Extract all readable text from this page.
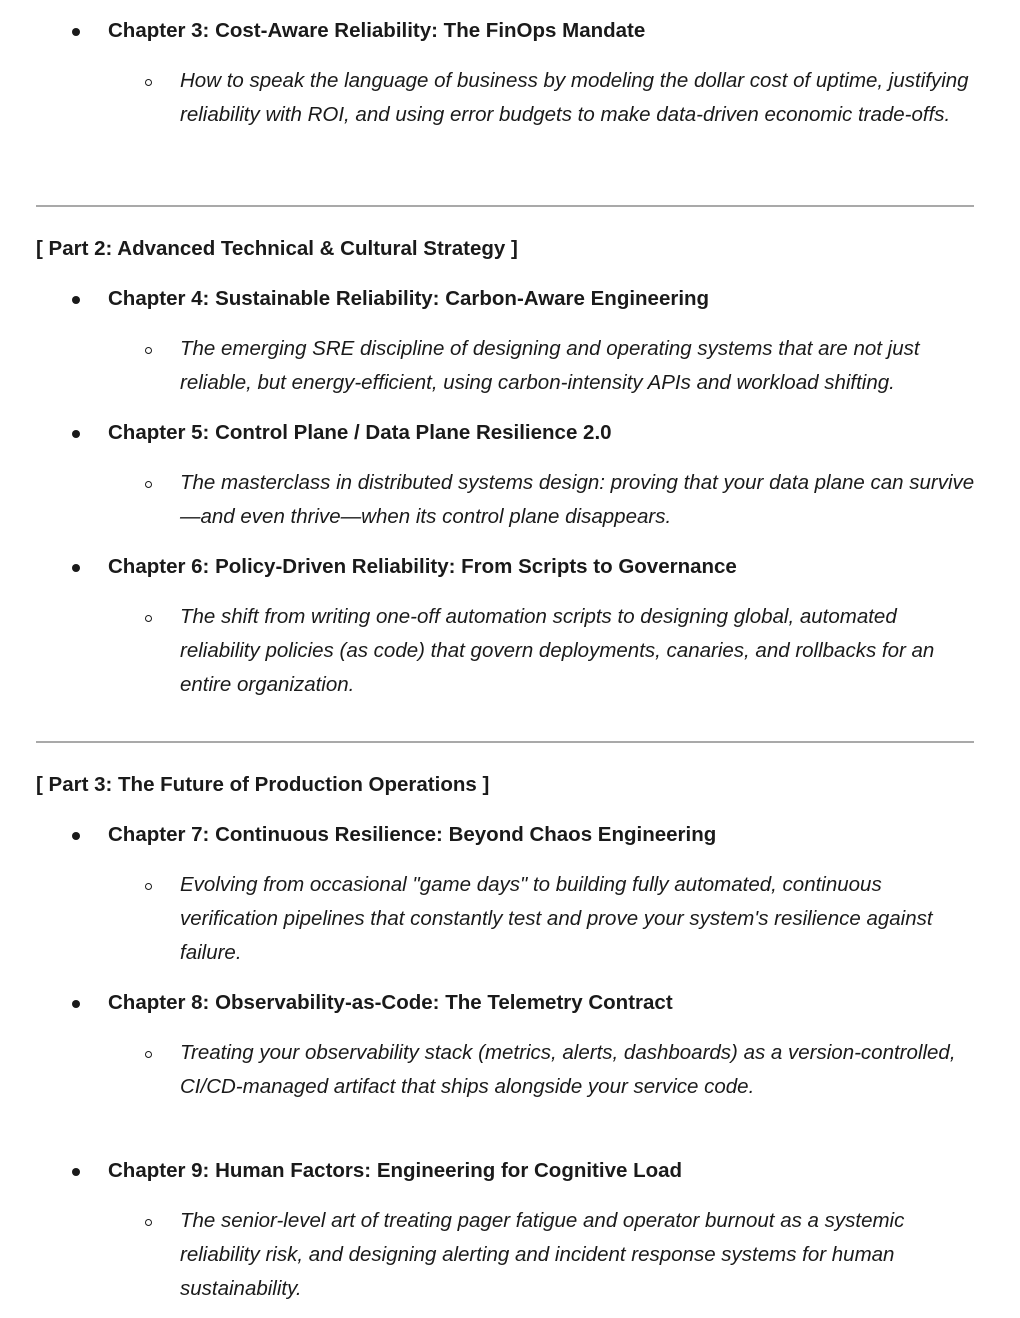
Chapter 3: Cost-Aware Reliability: The FinOps Mandate
How to speak the language of business by modeling the dollar cost of uptime, justifying reliability with ROI, and using error budgets to make data-driven economic trade-offs.
[ Part 2: Advanced Technical & Cultural Strategy ]
Chapter 4: Sustainable Reliability: Carbon-Aware Engineering
The emerging SRE discipline of designing and operating systems that are not just reliable, but energy-efficient, using carbon-intensity APIs and workload shifting.
Chapter 5: Control Plane / Data Plane Resilience 2.0
The masterclass in distributed systems design: proving that your data plane can survive—and even thrive—when its control plane disappears.
Chapter 6: Policy-Driven Reliability: From Scripts to Governance
The shift from writing one-off automation scripts to designing global, automated reliability policies (as code) that govern deployments, canaries, and rollbacks for an entire organization.
[ Part 3: The Future of Production Operations ]
Chapter 7: Continuous Resilience: Beyond Chaos Engineering
Evolving from occasional "game days" to building fully automated, continuous verification pipelines that constantly test and prove your system's resilience against failure.
Chapter 8: Observability-as-Code: The Telemetry Contract
Treating your observability stack (metrics, alerts, dashboards) as a version-controlled, CI/CD-managed artifact that ships alongside your service code.
Chapter 9: Human Factors: Engineering for Cognitive Load
The senior-level art of treating pager fatigue and operator burnout as a systemic reliability risk, and designing alerting and incident response systems for human sustainability.
